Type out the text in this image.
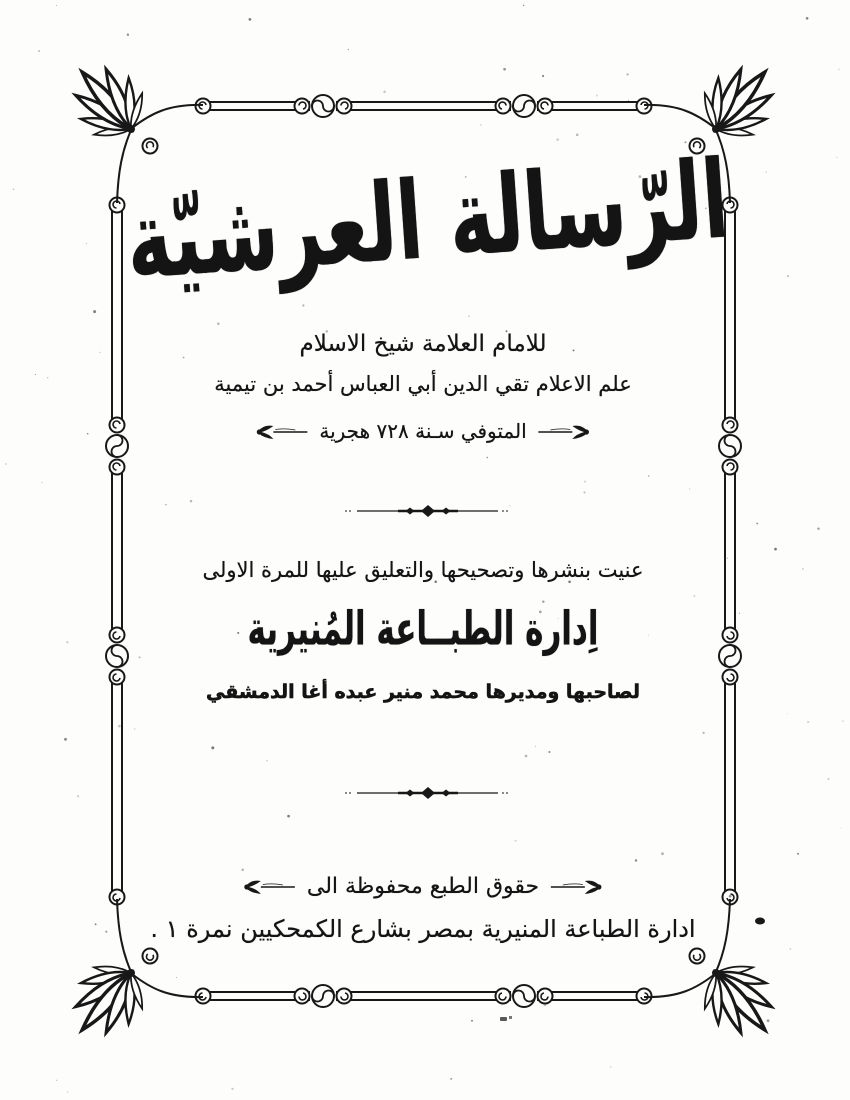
الرّسالة العرشيّة
للامام العلامة شيخ الاسلام
علم الاعلام تقي الدين أبي العباس أحمد بن تيمية
المتوفي سـنة ٧٢٨ هجرية
عنيت بنشرها وتصحيحها والتعليق عليها للمرة الاولى
اِدارة الطبــاعة المُنيرية
لصاحبها ومديرها محمد منير عبده أغا الدمشقي
حقوق الطبع محفوظة الى
ادارة الطباعة المنيرية بمصر بشارع الكمحكيين نمرة ١ .
